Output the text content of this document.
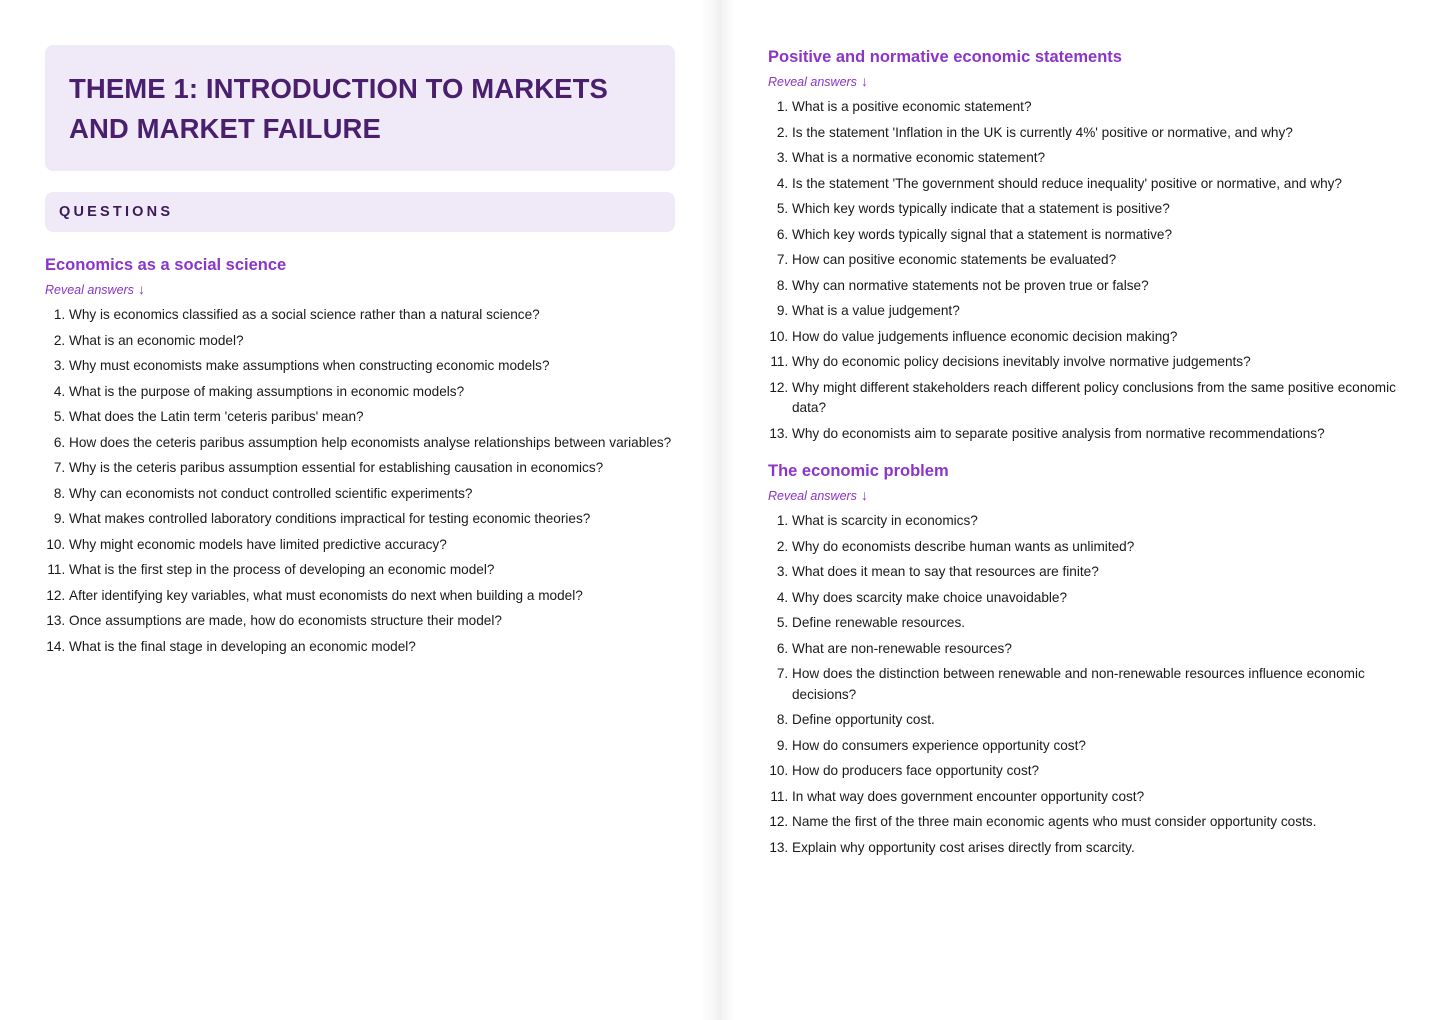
THEME 1: INTRODUCTION TO MARKETS AND MARKET FAILURE
QUESTIONS
Economics as a social science
Reveal answers ↓
1. Why is economics classified as a social science rather than a natural science?
2. What is an economic model?
3. Why must economists make assumptions when constructing economic models?
4. What is the purpose of making assumptions in economic models?
5. What does the Latin term 'ceteris paribus' mean?
6. How does the ceteris paribus assumption help economists analyse relationships between variables?
7. Why is the ceteris paribus assumption essential for establishing causation in economics?
8. Why can economists not conduct controlled scientific experiments?
9. What makes controlled laboratory conditions impractical for testing economic theories?
10. Why might economic models have limited predictive accuracy?
11. What is the first step in the process of developing an economic model?
12. After identifying key variables, what must economists do next when building a model?
13. Once assumptions are made, how do economists structure their model?
14. What is the final stage in developing an economic model?
Positive and normative economic statements
Reveal answers ↓
1. What is a positive economic statement?
2. Is the statement 'Inflation in the UK is currently 4%' positive or normative, and why?
3. What is a normative economic statement?
4. Is the statement 'The government should reduce inequality' positive or normative, and why?
5. Which key words typically indicate that a statement is positive?
6. Which key words typically signal that a statement is normative?
7. How can positive economic statements be evaluated?
8. Why can normative statements not be proven true or false?
9. What is a value judgement?
10. How do value judgements influence economic decision making?
11. Why do economic policy decisions inevitably involve normative judgements?
12. Why might different stakeholders reach different policy conclusions from the same positive economic data?
13. Why do economists aim to separate positive analysis from normative recommendations?
The economic problem
Reveal answers ↓
1. What is scarcity in economics?
2. Why do economists describe human wants as unlimited?
3. What does it mean to say that resources are finite?
4. Why does scarcity make choice unavoidable?
5. Define renewable resources.
6. What are non-renewable resources?
7. How does the distinction between renewable and non-renewable resources influence economic decisions?
8. Define opportunity cost.
9. How do consumers experience opportunity cost?
10. How do producers face opportunity cost?
11. In what way does government encounter opportunity cost?
12. Name the first of the three main economic agents who must consider opportunity costs.
13. Explain why opportunity cost arises directly from scarcity.
